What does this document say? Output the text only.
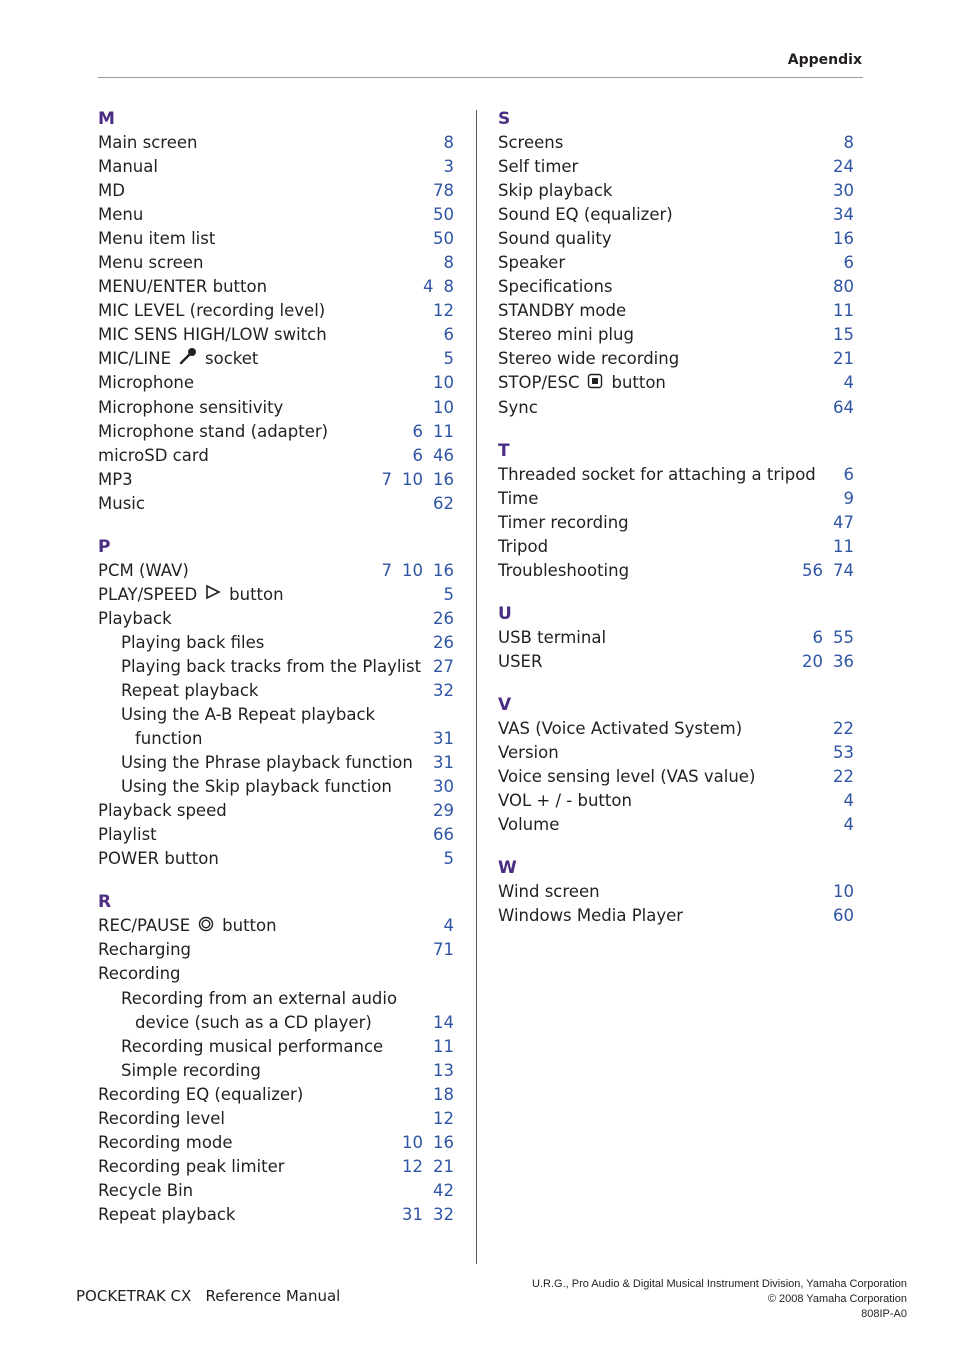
Appendix
M
Main screen	8
Manual	3
MD	78
Menu	50
Menu item list	50
Menu screen	8
MENU/ENTER button	4 8
MIC LEVEL (recording level)	12
MIC SENS HIGH/LOW switch	6
MIC/LINE socket	5
Microphone	10
Microphone sensitivity	10
Microphone stand (adapter)	6 11
microSD card	6 46
MP3	7 10 16
Music	62
P
PCM (WAV)	7 10 16
PLAY/SPEED button	5
Playback	26
Playing back files	26
Playing back tracks from the Playlist 27
Repeat playback	32
Using the A-B Repeat playback
function	31
Using the Phrase playback function 31
Using the Skip playback function 30
Playback speed	29
Playlist	66
POWER button	5
R
REC/PAUSE button	4
Recharging	71
Recording
Recording from an external audio
device (such as a CD player)	14
Recording musical performance	11
Simple recording	13
Recording EQ (equalizer)	18
Recording level	12
Recording mode	10 16
Recording peak limiter	12 21
Recycle Bin	42
Repeat playback	31 32
S
Screens	8
Self timer	24
Skip playback	30
Sound EQ (equalizer)	34
Sound quality	16
Speaker	6
Specifications	80
STANDBY mode	11
Stereo mini plug	15
Stereo wide recording	21
STOP/ESC button	4
Sync	64
T
Threaded socket for attaching a tripod 6
Time	9
Timer recording	47
Tripod	11
Troubleshooting	56 74
U
USB terminal	6 55
USER	20 36
V
VAS (Voice Activated System)	22
Version	53
Voice sensing level (VAS value)	22
VOL + / - button	4
Volume	4
W
Wind screen	10
Windows Media Player	60
POCKETRAK CX   Reference Manual
U.R.G., Pro Audio & Digital Musical Instrument Division, Yamaha Corporation
© 2008 Yamaha Corporation
808IP-A0
